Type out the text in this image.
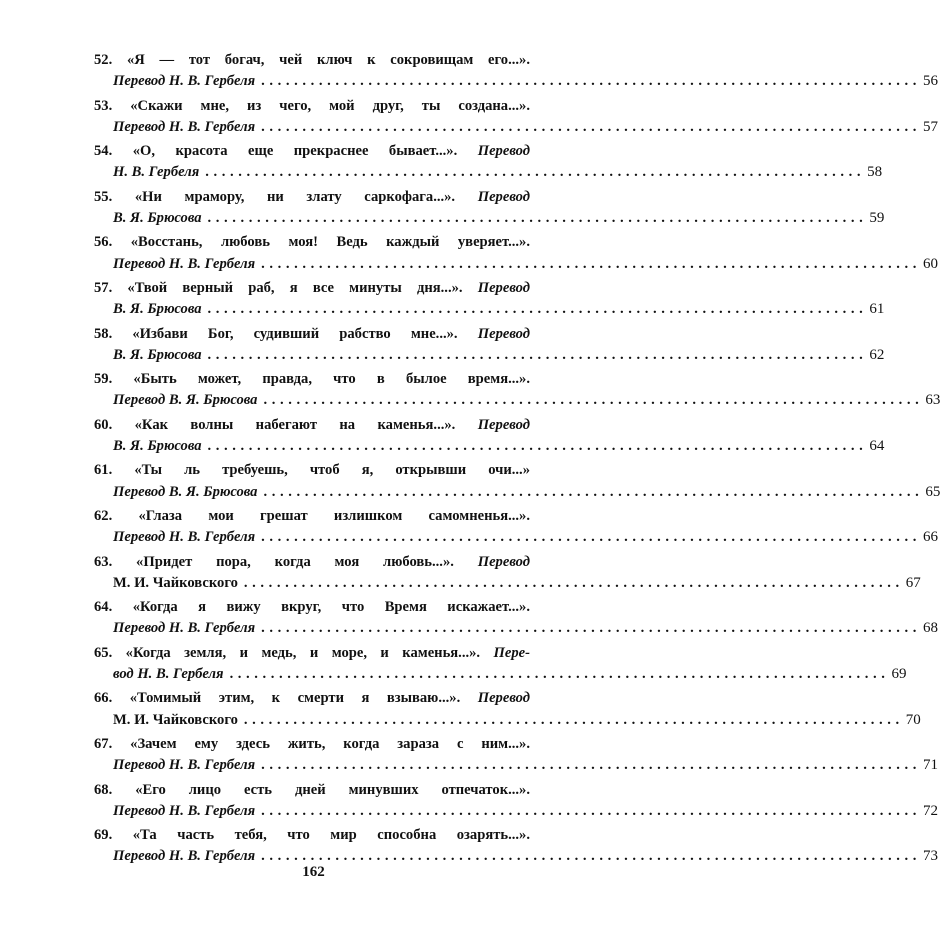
52. «Я — тот богач, чей ключ к сокровищам его...».
Перевод Н. В. Гербеля ................................................................................ 56
53. «Скажи мне, из чего, мой друг, ты создана...».
Перевод Н. В. Гербеля ................................................................................ 57
54. «О, красота еще прекраснее бывает...». Перевод
Н. В. Гербеля ................................................................................ 58
55. «Ни мрамору, ни злату саркофага...». Перевод
В. Я. Брюсова ................................................................................ 59
56. «Восстань, любовь моя! Ведь каждый уверяет...».
Перевод Н. В. Гербеля ................................................................................ 60
57. «Твой верный раб, я все минуты дня...». Перевод
В. Я. Брюсова ................................................................................ 61
58. «Избави Бог, судивший рабство мне...». Перевод
В. Я. Брюсова ................................................................................ 62
59. «Быть может, правда, что в былое время...».
Перевод В. Я. Брюсова ................................................................................ 63
60. «Как волны набегают на каменья...». Перевод
В. Я. Брюсова ................................................................................ 64
61. «Ты ль требуешь, чтоб я, открывши очи...»
Перевод В. Я. Брюсова ................................................................................ 65
62. «Глаза мои грешат излишком самомненья...».
Перевод Н. В. Гербеля ................................................................................ 66
63. «Придет пора, когда моя любовь...». Перевод
М. И. Чайковского ................................................................................ 67
64. «Когда я вижу вкруг, что Время искажает...».
Перевод Н. В. Гербеля ................................................................................ 68
65. «Когда земля, и медь, и море, и каменья...». Пере-
вод Н. В. Гербеля ................................................................................ 69
66. «Томимый этим, к смерти я взываю...». Перевод
М. И. Чайковского ................................................................................ 70
67. «Зачем ему здесь жить, когда зараза с ним...».
Перевод Н. В. Гербеля ................................................................................ 71
68. «Его лицо есть дней минувших отпечаток...».
Перевод Н. В. Гербеля ................................................................................ 72
69. «Та часть тебя, что мир способна озарять...».
Перевод Н. В. Гербеля ................................................................................ 73
162
